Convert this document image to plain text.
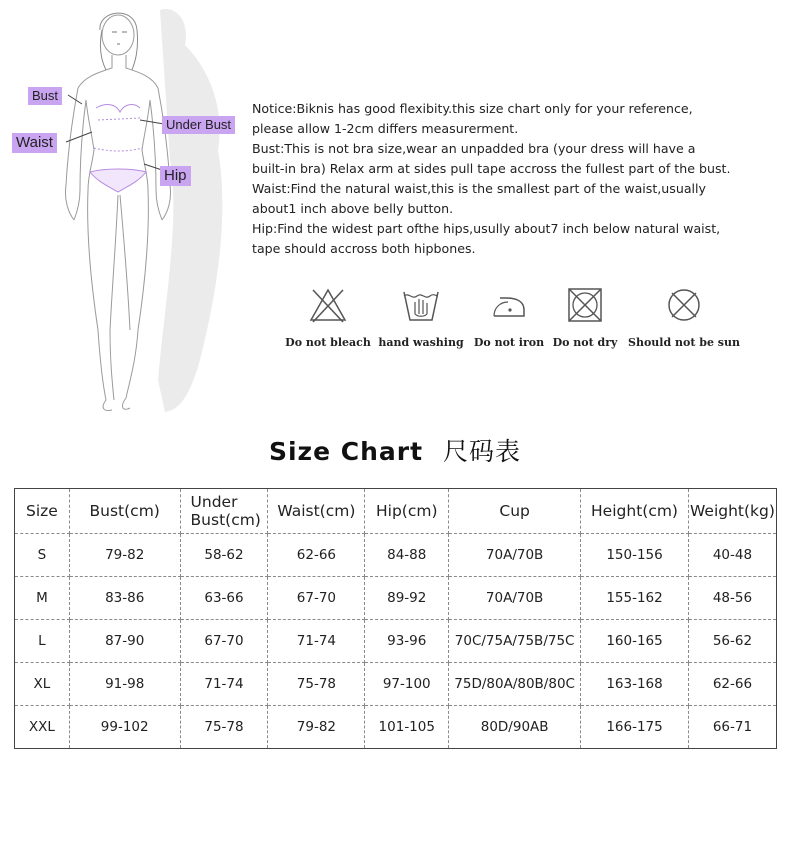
Bust
Waist
Under Bust
Hip

Notice:Biknis has good flexibity.this size chart only for your reference,

please allow 1-2cm differs measurerment.

Bust:This is not bra size,wear an unpadded bra (your dress will have a

built-in bra) Relax arm at sides pull tape accross the fullest part of the bust.

Waist:Find the natural waist,this is the smallest part of the waist,usually

about1 inch above belly button.

Hip:Find the widest part ofthe hips,usully about7 inch below natural waist,

tape should accross both hipbones.

Do not bleach hand washing Do not iron Do not dry Should not be sun
Size Chart 尺码表
Size	Bust(cm)	Under Bust(cm)	Waist(cm)	Hip(cm)	Cup	Height(cm)	Weight(kg)
S	79-82	58-62	62-66	84-88	70A/70B	150-156	40-48
M	83-86	63-66	67-70	89-92	70A/70B	155-162	48-56
L	87-90	67-70	71-74	93-96	70C/75A/75B/75C	160-165	56-62
XL	91-98	71-74	75-78	97-100	75D/80A/80B/80C	163-168	62-66
XXL	99-102	75-78	79-82	101-105	80D/90AB	166-175	66-71
